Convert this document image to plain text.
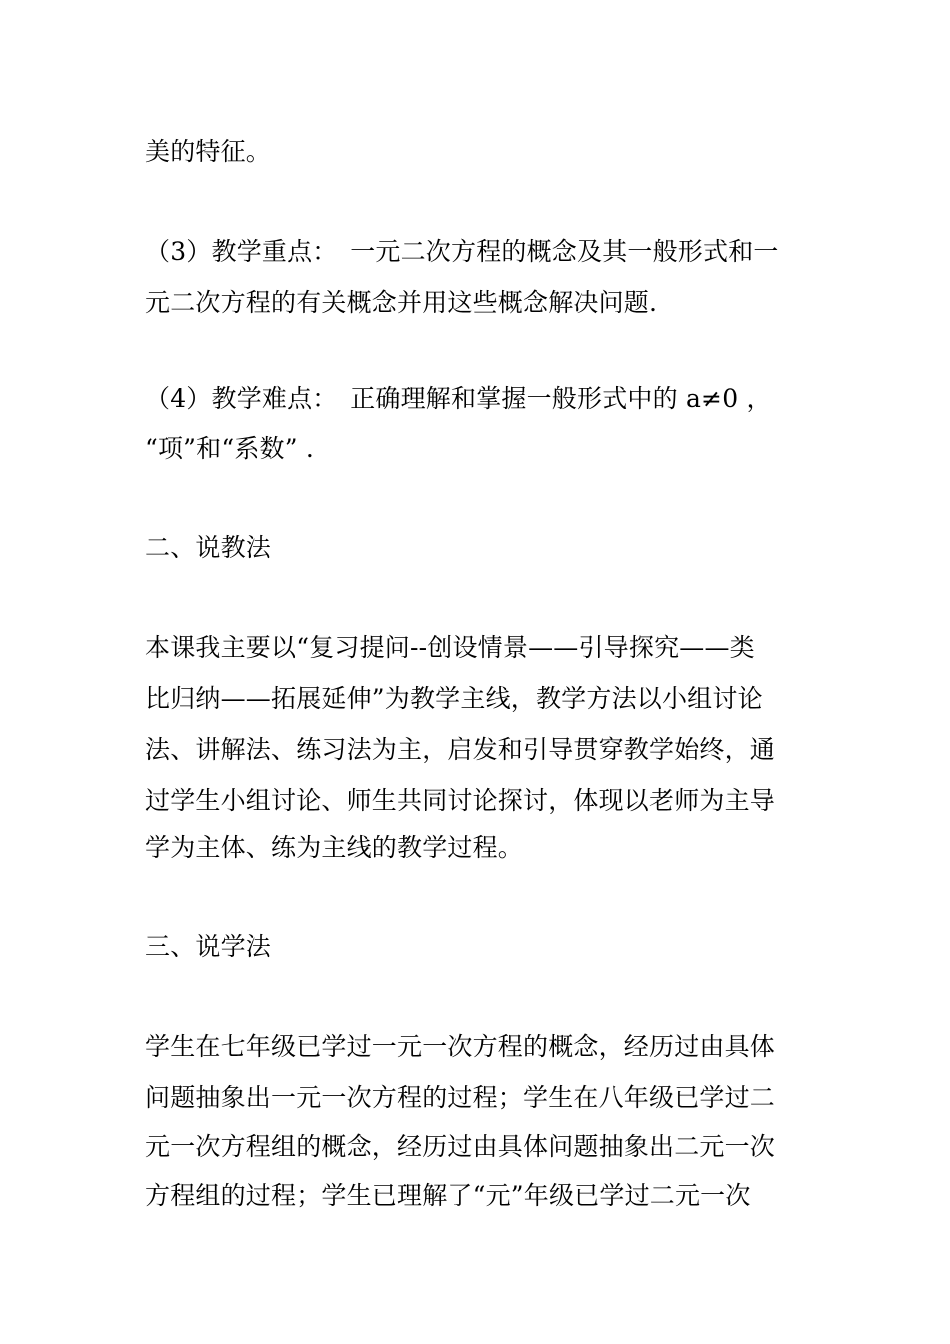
美的特征。
（3）教学重点：　一元二次方程的概念及其一般形式和一
元二次方程的有关概念并用这些概念解决问题.
（4）教学难点：　正确理解和掌握一般形式中的 a≠0 ，
“项”和“系数” .
二、说教法
本课我主要以“复习提问--创设情景——引导探究——类
比归纳——拓展延伸”为教学主线，教学方法以小组讨论
法、讲解法、练习法为主，启发和引导贯穿教学始终，通
过学生小组讨论、师生共同讨论探讨，体现以老师为主导
学为主体、练为主线的教学过程。
三、说学法
学生在七年级已学过一元一次方程的概念，经历过由具体
问题抽象出一元一次方程的过程；学生在八年级已学过二
元一次方程组的概念，经历过由具体问题抽象出二元一次
方程组的过程；学生已理解了“元”年级已学过二元一次
